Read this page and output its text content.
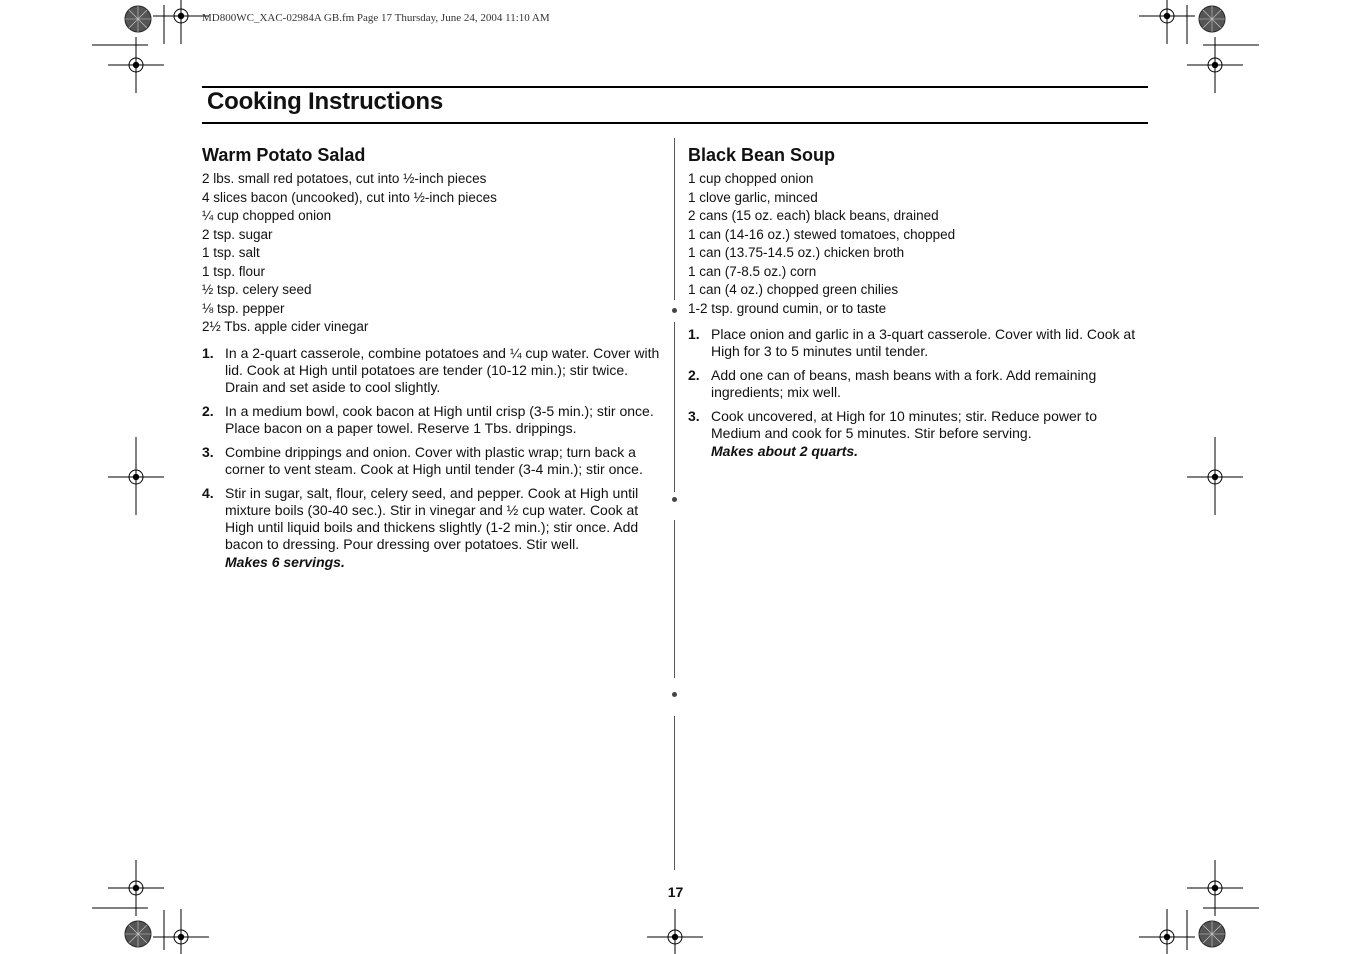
MD800WC_XAC-02984A GB.fm Page 17 Thursday, June 24, 2004 11:10 AM
Cooking Instructions
Warm Potato Salad
2 lbs. small red potatoes, cut into ½-inch pieces
4 slices bacon (uncooked), cut into ½-inch pieces
¼ cup chopped onion
2 tsp. sugar
1 tsp. salt
1 tsp. flour
½ tsp. celery seed
⅛ tsp. pepper
2½ Tbs. apple cider vinegar
1. In a 2-quart casserole, combine potatoes and ¼ cup water. Cover with lid. Cook at High until potatoes are tender (10-12 min.); stir twice. Drain and set aside to cool slightly.
2. In a medium bowl, cook bacon at High until crisp (3-5 min.); stir once. Place bacon on a paper towel. Reserve 1 Tbs. drippings.
3. Combine drippings and onion. Cover with plastic wrap; turn back a corner to vent steam. Cook at High until tender (3-4 min.); stir once.
4. Stir in sugar, salt, flour, celery seed, and pepper. Cook at High until mixture boils (30-40 sec.). Stir in vinegar and ½ cup water. Cook at High until liquid boils and thickens slightly (1-2 min.); stir once. Add bacon to dressing. Pour dressing over potatoes. Stir well.
Makes 6 servings.
Black Bean Soup
1 cup chopped onion
1 clove garlic, minced
2 cans (15 oz. each) black beans, drained
1 can (14-16 oz.) stewed tomatoes, chopped
1 can (13.75-14.5 oz.) chicken broth
1 can (7-8.5 oz.) corn
1 can (4 oz.) chopped green chilies
1-2 tsp. ground cumin, or to taste
1. Place onion and garlic in a 3-quart casserole. Cover with lid. Cook at High for 3 to 5 minutes until tender.
2. Add one can of beans, mash beans with a fork. Add remaining ingredients; mix well.
3. Cook uncovered, at High for 10 minutes; stir. Reduce power to Medium and cook for 5 minutes. Stir before serving.
Makes about 2 quarts.
17
